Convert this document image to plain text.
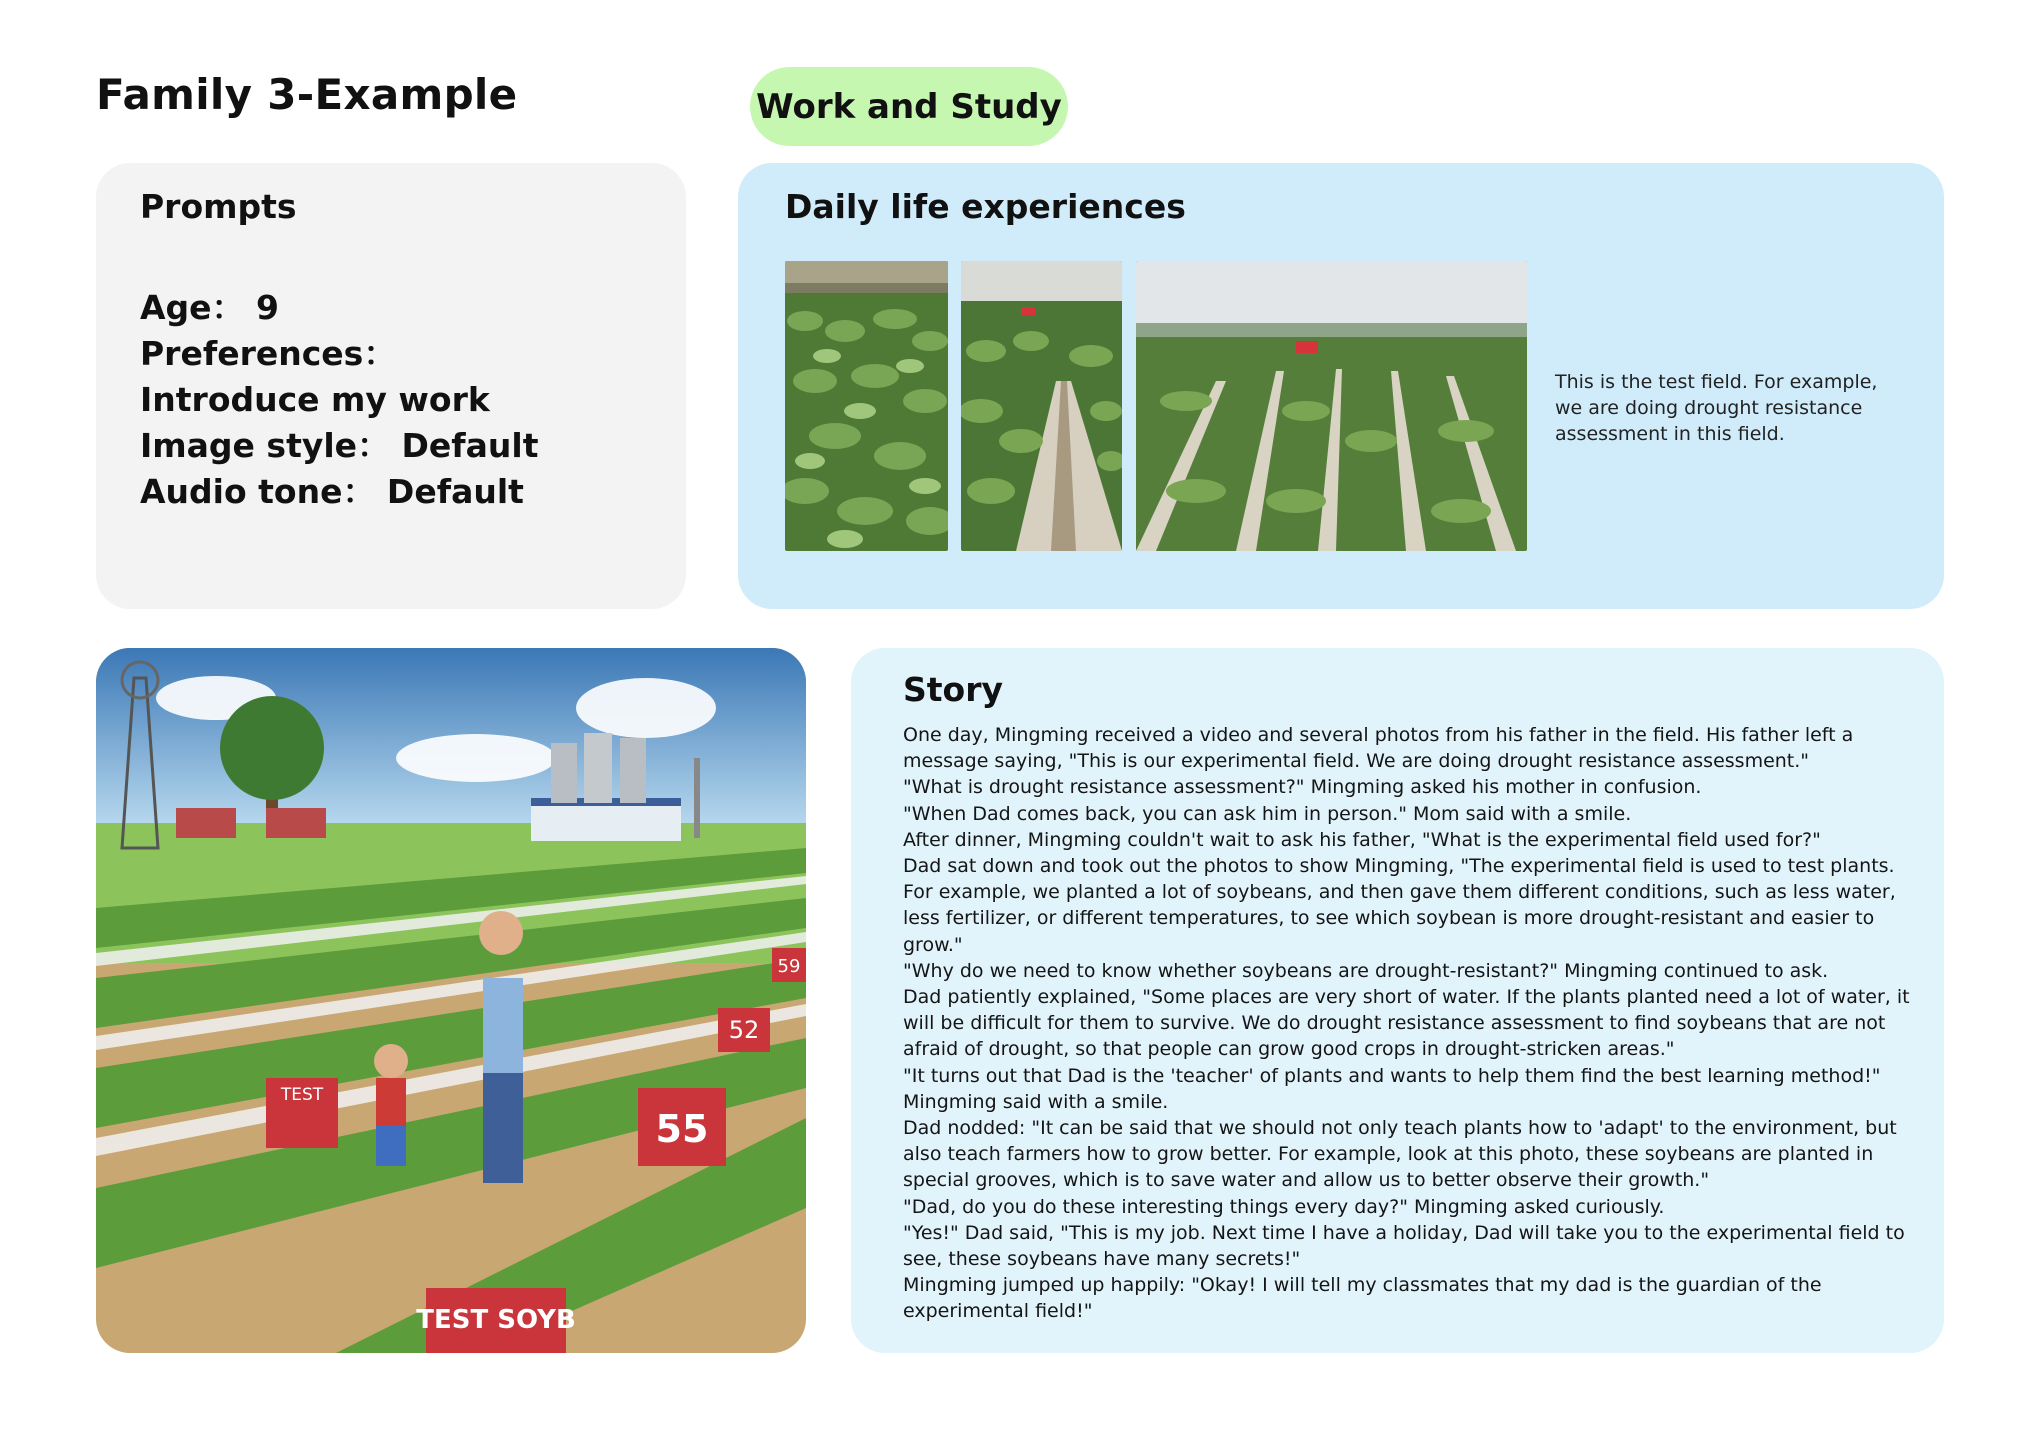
Family 3-Example	Work and Study
Prompts
Age： 9
Preferences： Introduce my work
Image style： Default
Audio tone： Default
Daily life experiences
This is the test field. For example, we are doing drought resistance assessment in this field.
TEST
55
52
59
TEST SOYB
Story
One day, Mingming received a video and several photos from his father in the field. His father left a message saying, "This is our experimental field. We are doing drought resistance assessment."
"What is drought resistance assessment?" Mingming asked his mother in confusion.
"When Dad comes back, you can ask him in person." Mom said with a smile.
After dinner, Mingming couldn't wait to ask his father, "What is the experimental field used for?"
Dad sat down and took out the photos to show Mingming, "The experimental field is used to test plants. For example, we planted a lot of soybeans, and then gave them different conditions, such as less water, less fertilizer, or different temperatures, to see which soybean is more drought-resistant and easier to grow."
"Why do we need to know whether soybeans are drought-resistant?" Mingming continued to ask.
Dad patiently explained, "Some places are very short of water. If the plants planted need a lot of water, it will be difficult for them to survive. We do drought resistance assessment to find soybeans that are not afraid of drought, so that people can grow good crops in drought-stricken areas."
"It turns out that Dad is the 'teacher' of plants and wants to help them find the best learning method!" Mingming said with a smile.
Dad nodded: "It can be said that we should not only teach plants how to 'adapt' to the environment, but also teach farmers how to grow better. For example, look at this photo, these soybeans are planted in special grooves, which is to save water and allow us to better observe their growth."
"Dad, do you do these interesting things every day?" Mingming asked curiously.
"Yes!" Dad said, "This is my job. Next time I have a holiday, Dad will take you to the experimental field to see, these soybeans have many secrets!"
Mingming jumped up happily: "Okay! I will tell my classmates that my dad is the guardian of the experimental field!"
